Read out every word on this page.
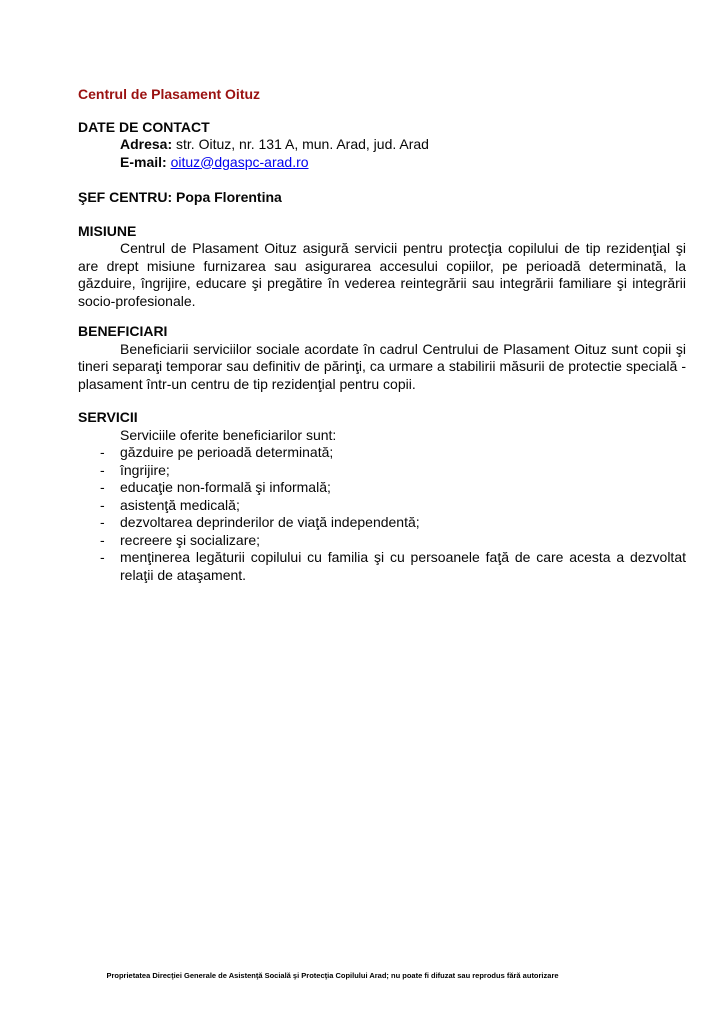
Centrul de Plasament Oituz

DATE DE CONTACT

Adresa: str. Oituz, nr. 131 A, mun. Arad, jud. Arad

E-mail: oituz@dgaspc-arad.ro

ŞEF CENTRU: Popa Florentina

MISIUNE

Centrul de Plasament Oituz asigură servicii pentru protecţia copilului de tip rezidenţial şi are drept misiune furnizarea sau asigurarea accesului copiilor, pe perioadă determinată, la găzduire, îngrijire, educare şi pregătire în vederea reintegrării sau integrării familiare şi integrării socio-profesionale.

BENEFICIARI

Beneficiarii serviciilor sociale acordate în cadrul Centrului de Plasament Oituz sunt copii şi tineri separaţi temporar sau definitiv de părinţi, ca urmare a stabilirii măsurii de protectie specială - plasament într-un centru de tip rezidenţial pentru copii.

SERVICII

Serviciile oferite beneficiarilor sunt:

- găzduire pe perioadă determinată;
- îngrijire;
- educaţie non-formală şi informală;
- asistenţă medicală;
- dezvoltarea deprinderilor de viaţă independentă;
- recreere şi socializare;
- menţinerea legăturii copilului cu familia şi cu persoanele faţă de care acesta a dezvoltat relaţii de ataşament.
Proprietatea Direcţiei Generale de Asistenţă Socială şi Protecţia Copilului Arad; nu poate fi difuzat sau reprodus fără autorizare
